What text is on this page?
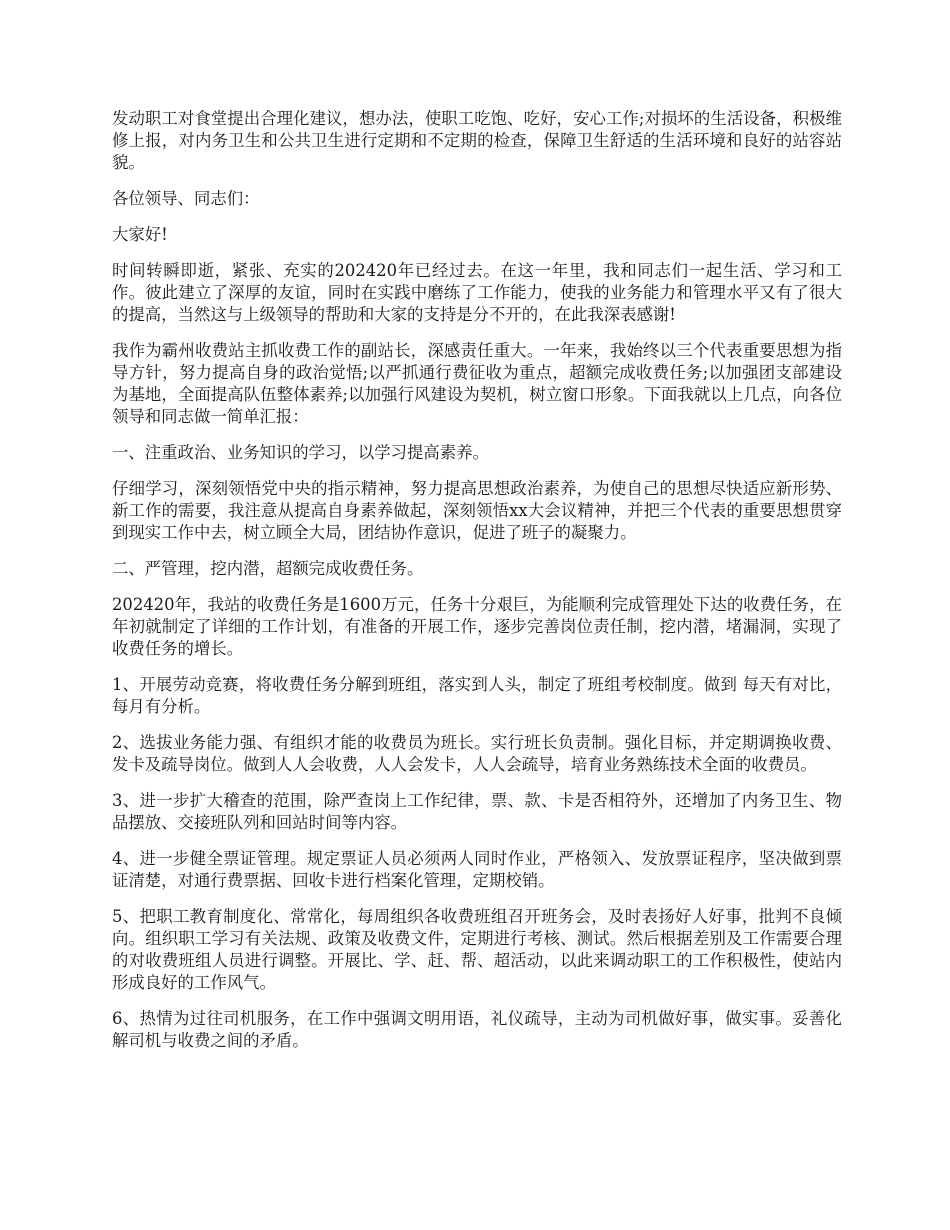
发动职工对食堂提出合理化建议，想办法，使职工吃饱、吃好，安心工作;对损坏的生活设备，积极维修上报，对内务卫生和公共卫生进行定期和不定期的检查，保障卫生舒适的生活环境和良好的站容站貌。

各位领导、同志们：

大家好!

时间转瞬即逝，紧张、充实的202420年已经过去。在这一年里，我和同志们一起生活、学习和工作。彼此建立了深厚的友谊，同时在实践中磨练了工作能力，使我的业务能力和管理水平又有了很大的提高，当然这与上级领导的帮助和大家的支持是分不开的，在此我深表感谢!

我作为霸州收费站主抓收费工作的副站长，深感责任重大。一年来，我始终以三个代表重要思想为指导方针，努力提高自身的政治觉悟;以严抓通行费征收为重点，超额完成收费任务;以加强团支部建设为基地，全面提高队伍整体素养;以加强行风建设为契机，树立窗口形象。下面我就以上几点，向各位领导和同志做一简单汇报：

一、注重政治、业务知识的学习，以学习提高素养。

仔细学习，深刻领悟党中央的指示精神，努力提高思想政治素养，为使自己的思想尽快适应新形势、新工作的需要，我注意从提高自身素养做起，深刻领悟xx大会议精神，并把三个代表的重要思想贯穿到现实工作中去，树立顾全大局，团结协作意识，促进了班子的凝聚力。

二、严管理，挖内潜，超额完成收费任务。

202420年，我站的收费任务是1600万元，任务十分艰巨，为能顺利完成管理处下达的收费任务，在年初就制定了详细的工作计划，有准备的开展工作，逐步完善岗位责任制，挖内潜，堵漏洞，实现了收费任务的增长。

1、开展劳动竞赛，将收费任务分解到班组，落实到人头，制定了班组考校制度。做到 每天有对比，每月有分析。

2、选拔业务能力强、有组织才能的收费员为班长。实行班长负责制。强化目标，并定期调换收费、发卡及疏导岗位。做到人人会收费，人人会发卡，人人会疏导，培育业务熟练技术全面的收费员。

3、进一步扩大稽查的范围，除严查岗上工作纪律，票、款、卡是否相符外，还增加了内务卫生、物品摆放、交接班队列和回站时间等内容。

4、进一步健全票证管理。规定票证人员必须两人同时作业，严格领入、发放票证程序，坚决做到票证清楚，对通行费票据、回收卡进行档案化管理，定期校销。

5、把职工教育制度化、常常化，每周组织各收费班组召开班务会，及时表扬好人好事，批判不良倾向。组织职工学习有关法规、政策及收费文件，定期进行考核、测试。然后根据差别及工作需要合理的对收费班组人员进行调整。开展比、学、赶、帮、超活动，以此来调动职工的工作积极性，使站内形成良好的工作风气。

6、热情为过往司机服务，在工作中强调文明用语，礼仪疏导，主动为司机做好事，做实事。妥善化解司机与收费之间的矛盾。
